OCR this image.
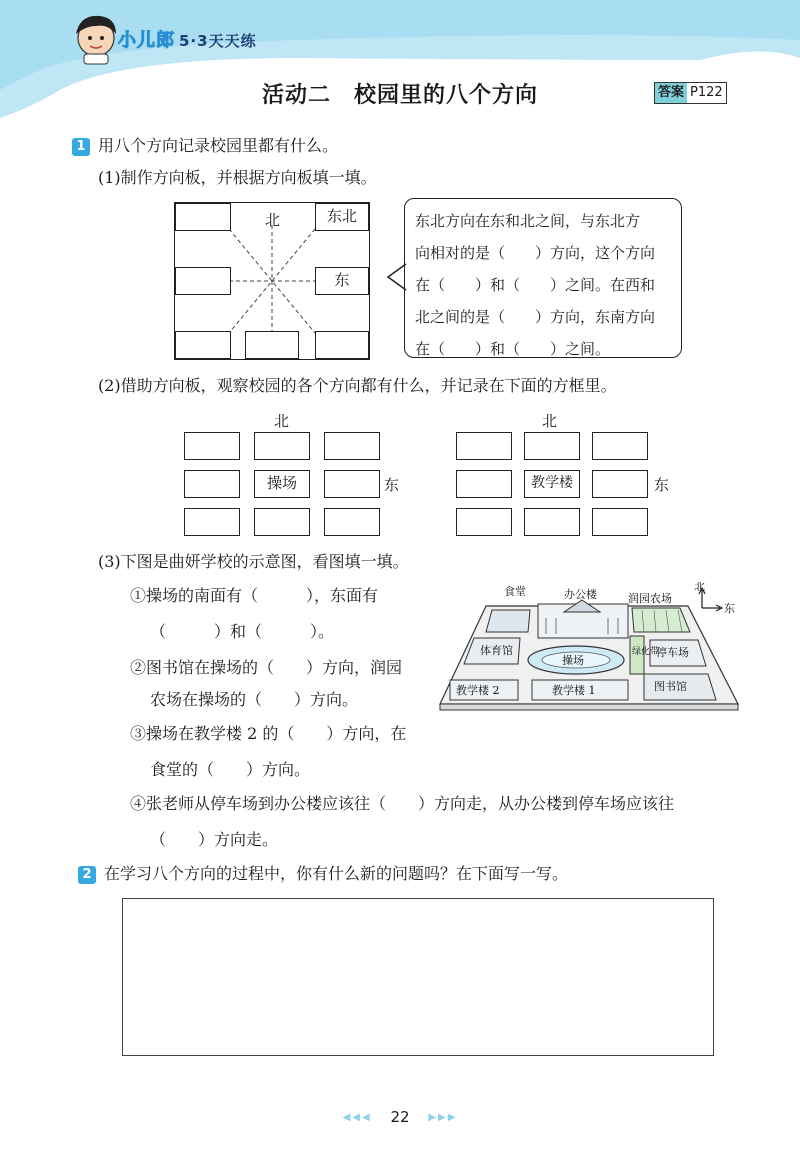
小儿郎 5·3天天练
活动二　校园里的八个方向	答案 P122
1 用八个方向记录校园里都有什么。
(1)制作方向板，并根据方向板填一填。
北	东北
东
东北方向在东和北之间，与东北方
向相对的是（　　）方向，这个方向
在（　　）和（　　）之间。在西和
北之间的是（　　）方向，东南方向
在（　　）和（　　）之间。
(2)借助方向板，观察校园的各个方向都有什么，并记录在下面的方框里。
北
操场	东
北
教学楼	东
(3)下图是曲妍学校的示意图，看图填一填。
①操场的南面有（　　　），东面有
（　　　）和（　　　）。
②图书馆在操场的（　　）方向，润园
农场在操场的（　　）方向。
③操场在教学楼 2 的（　　）方向，在
食堂的（　　）方向。
④张老师从停车场到办公楼应该往（　　）方向走，从办公楼到停车场应该往
（　　）方向走。
食堂	办公楼	润园农场
体育馆
操场
绿化带
停车场
教学楼 2	教学楼 1	图书馆
北
东
2 在学习八个方向的过程中，你有什么新的问题吗？在下面写一写。
◀◀◀ 22 ▶▶▶
